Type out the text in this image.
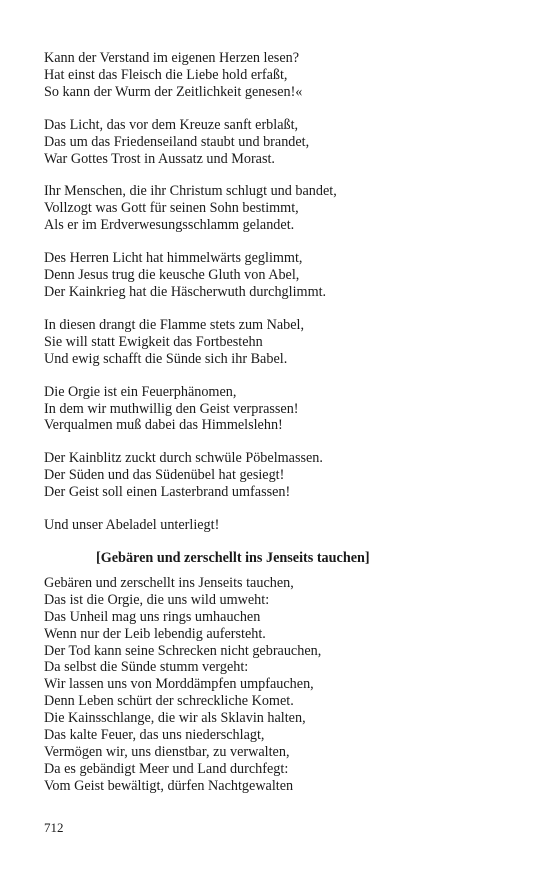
Kann der Verstand im eigenen Herzen lesen?
Hat einst das Fleisch die Liebe hold erfaßt,
So kann der Wurm der Zeitlichkeit genesen!«
Das Licht, das vor dem Kreuze sanft erblaßt,
Das um das Friedenseiland staubt und brandet,
War Gottes Trost in Aussatz und Morast.
Ihr Menschen, die ihr Christum schlugt und bandet,
Vollzogt was Gott für seinen Sohn bestimmt,
Als er im Erdverwesungsschlamm gelandet.
Des Herren Licht hat himmelwärts geglimmt,
Denn Jesus trug die keusche Gluth von Abel,
Der Kainkrieg hat die Häscherwuth durchglimmt.
In diesen drangt die Flamme stets zum Nabel,
Sie will statt Ewigkeit das Fortbestehn
Und ewig schafft die Sünde sich ihr Babel.
Die Orgie ist ein Feuerphänomen,
In dem wir muthwillig den Geist verprassen!
Verqualmen muß dabei das Himmelslehn!
Der Kainblitz zuckt durch schwüle Pöbelmassen.
Der Süden und das Südenübel hat gesiegt!
Der Geist soll einen Lasterbrand umfassen!
Und unser Abeladel unterliegt!
[Gebären und zerschellt ins Jenseits tauchen]
Gebären und zerschellt ins Jenseits tauchen,
Das ist die Orgie, die uns wild umweht:
Das Unheil mag uns rings umhauchen
Wenn nur der Leib lebendig aufersteht.
Der Tod kann seine Schrecken nicht gebrauchen,
Da selbst die Sünde stumm vergeht:
Wir lassen uns von Morddämpfen umpfauchen,
Denn Leben schürt der schreckliche Komet.
Die Kainsschlange, die wir als Sklavin halten,
Das kalte Feuer, das uns niederschlagt,
Vermögen wir, uns dienstbar, zu verwalten,
Da es gebändigt Meer und Land durchfegt:
Vom Geist bewältigt, dürfen Nachtgewalten
712
